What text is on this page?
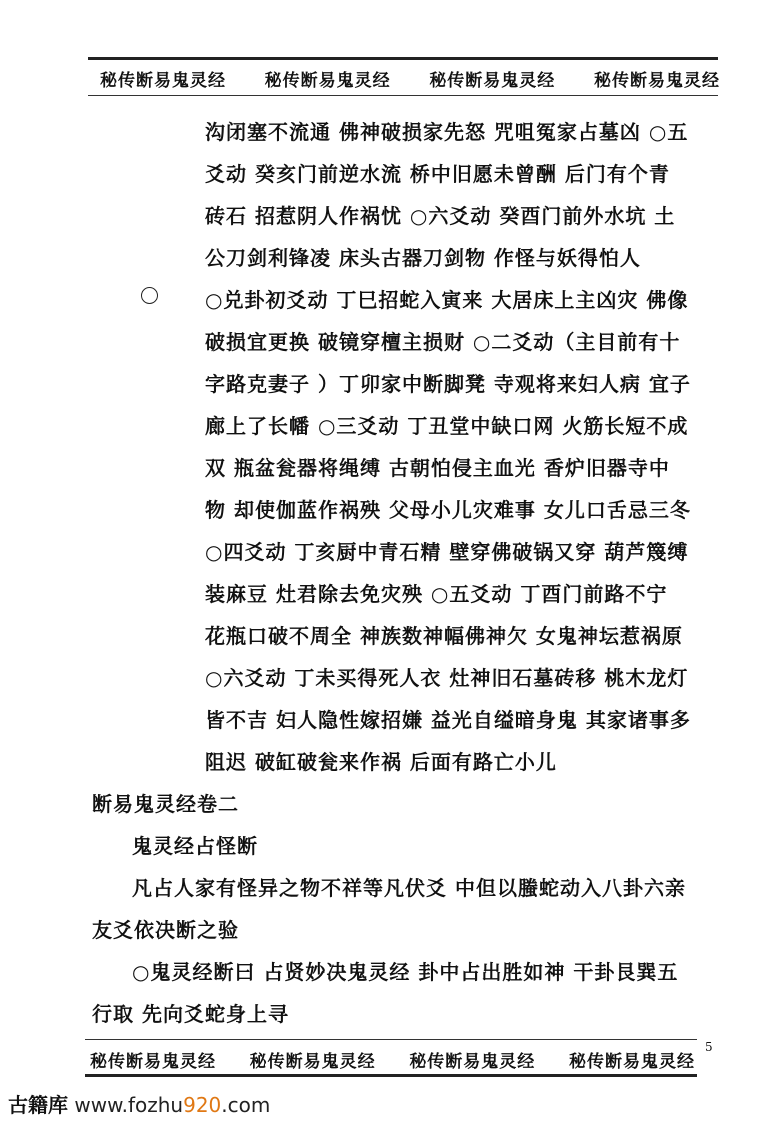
秘传断易鬼灵经 秘传断易鬼灵经 秘传断易鬼灵经 秘传断易鬼灵经
沟闭塞不流通 佛神破损家先怒 咒咀冤家占墓凶 ○五
爻动 癸亥门前逆水流 桥中旧愿未曾酬 后门有个青
砖石 招惹阴人作祸忧 ○六爻动 癸酉门前外水坑 土
公刀剑利锋凌 床头古器刀剑物 作怪与妖得怕人
○兑卦初爻动 丁巳招蛇入寅来 大居床上主凶灾 佛像
破损宜更换 破镜穿檀主损财 ○二爻动（主目前有十
字路克妻子 ）丁卯家中断脚凳 寺观将来妇人病 宜子
廊上了长幡 ○三爻动 丁丑堂中缺口网 火筋长短不成
双 瓶盆瓮器将绳缚 古朝怕侵主血光 香炉旧器寺中
物 却使伽蓝作祸殃 父母小儿灾难事 女儿口舌忌三冬
○四爻动 丁亥厨中青石精 壁穿佛破锅又穿 葫芦篾缚
装麻豆 灶君除去免灾殃 ○五爻动 丁酉门前路不宁
花瓶口破不周全 神族数神幅佛神欠 女鬼神坛惹祸原
○六爻动 丁未买得死人衣 灶神旧石墓砖移 桃木龙灯
皆不吉 妇人隐性嫁招嫌 益光自缢暗身鬼 其家诸事多
阻迟 破缸破瓮来作祸 后面有路亡小儿
断易鬼灵经卷二
鬼灵经占怪断
凡占人家有怪异之物不祥等凡伏爻 中但以螣蛇动入八卦六亲
友爻依决断之验
○鬼灵经断曰 占贤妙决鬼灵经 卦中占出胜如神 干卦艮巽五
行取 先向爻蛇身上寻
秘传断易鬼灵经 秘传断易鬼灵经 秘传断易鬼灵经 秘传断易鬼灵经
5
古籍库 www.fozhu920.com
